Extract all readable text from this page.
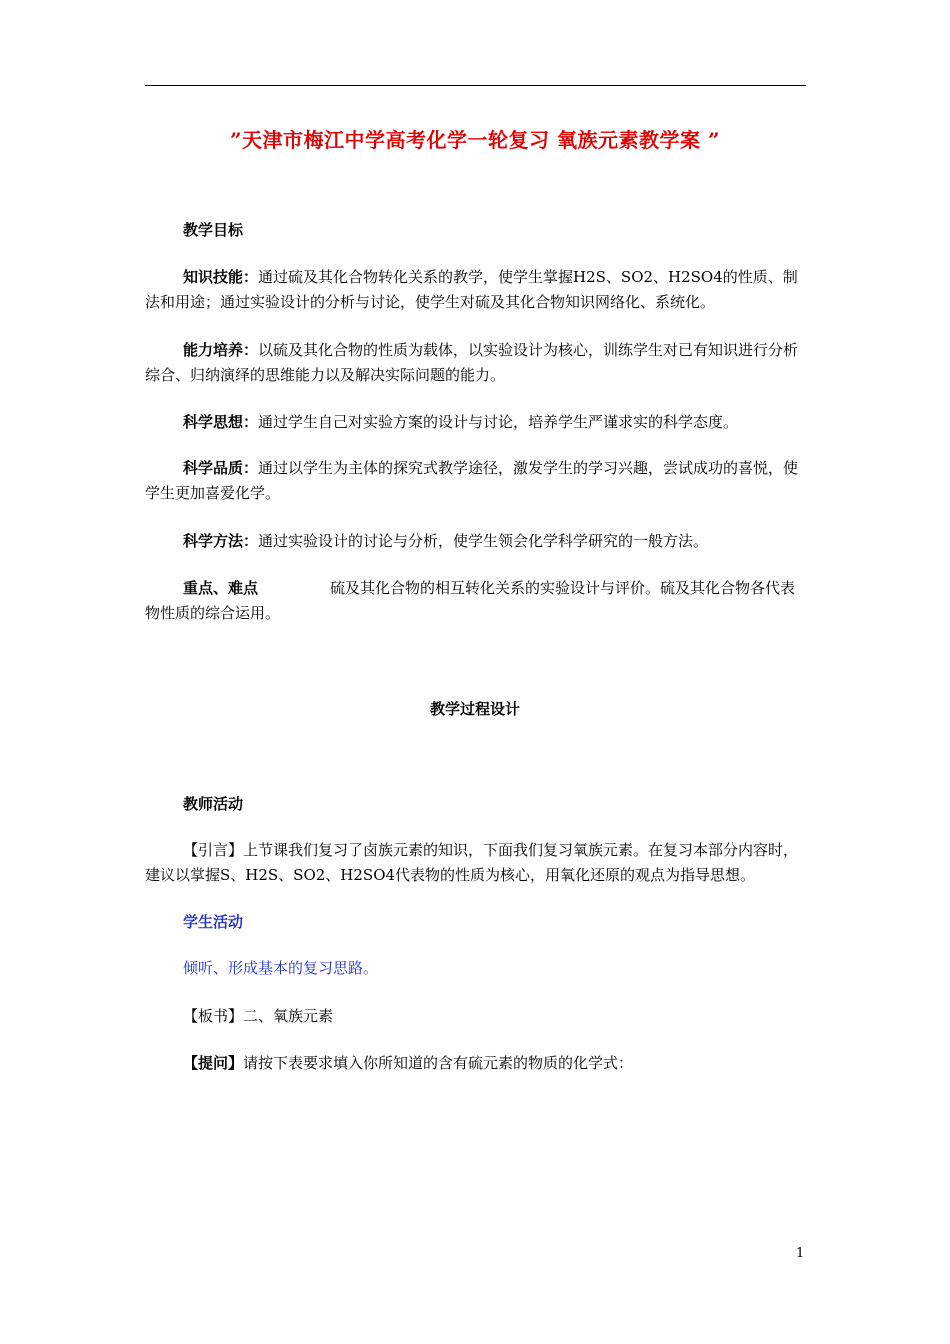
”天津市梅江中学高考化学一轮复习 氧族元素教学案 ”
教学目标
知识技能：通过硫及其化合物转化关系的教学，使学生掌握H2S、SO2、H2SO4的性质、制法和用途；通过实验设计的分析与讨论，使学生对硫及其化合物知识网络化、系统化。
能力培养：以硫及其化合物的性质为载体，以实验设计为核心，训练学生对已有知识进行分析综合、归纳演绎的思维能力以及解决实际问题的能力。
科学思想：通过学生自己对实验方案的设计与讨论，培养学生严谨求实的科学态度。
科学品质：通过以学生为主体的探究式教学途径，激发学生的学习兴趣，尝试成功的喜悦，使学生更加喜爱化学。
科学方法：通过实验设计的讨论与分析，使学生领会化学科学研究的一般方法。
重点、难点	硫及其化合物的相互转化关系的实验设计与评价。硫及其化合物各代表物性质的综合运用。
教学过程设计
教师活动
【引言】上节课我们复习了卤族元素的知识，下面我们复习氧族元素。在复习本部分内容时，建议以掌握S、H2S、SO2、H2SO4代表物的性质为核心，用氧化还原的观点为指导思想。
学生活动
倾听、形成基本的复习思路。
【板书】二、氧族元素
【提问】请按下表要求填入你所知道的含有硫元素的物质的化学式：
1
